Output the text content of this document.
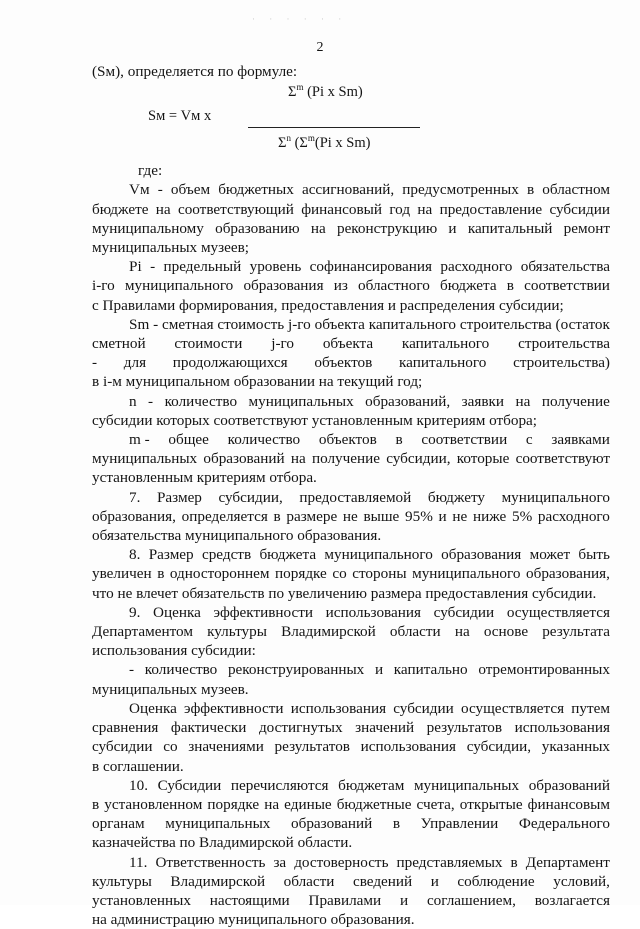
· · · · · ·
2
(Sм), определяется по формуле:
$\Sigma^m$ (Pi x Sm)
Sм = Vм x
$\Sigma^n$ ($\Sigma^m(Pi$ x Sm)
где:
Vм - объем бюджетных ассигнований, предусмотренных в областном
бюджете на соответствующий финансовый год на предоставление субсидии
муниципальному образованию на реконструкцию и капитальный ремонт
муниципальных музеев;
Pi - предельный уровень софинансирования расходного обязательства
i-го муниципального образования из областного бюджета в соответствии
с Правилами формирования, предоставления и распределения субсидии;
Sm - сметная стоимость j-го объекта капитального строительства (остаток
сметной стоимости j-го объекта капитального строительства
- для продолжающихся объектов капитального строительства)
в i-м муниципальном образовании на текущий год;
n - количество муниципальных образований, заявки на получение
субсидии которых соответствуют установленным критериям отбора;
m - общее количество объектов в соответствии с заявками
муниципальных образований на получение субсидии, которые соответствуют
установленным критериям отбора.
7. Размер субсидии, предоставляемой бюджету муниципального
образования, определяется в размере не выше 95% и не ниже 5% расходного
обязательства муниципального образования.
8. Размер средств бюджета муниципального образования может быть
увеличен в одностороннем порядке со стороны муниципального образования,
что не влечет обязательств по увеличению размера предоставления субсидии.
9. Оценка эффективности использования субсидии осуществляется
Департаментом культуры Владимирской области на основе результата
использования субсидии:
- количество реконструированных и капитально отремонтированных
муниципальных музеев.
Оценка эффективности использования субсидии осуществляется путем
сравнения фактически достигнутых значений результатов использования
субсидии со значениями результатов использования субсидии, указанных
в соглашении.
10. Субсидии перечисляются бюджетам муниципальных образований
в установленном порядке на единые бюджетные счета, открытые финансовым
органам муниципальных образований в Управлении Федерального
казначейства по Владимирской области.
11. Ответственность за достоверность представляемых в Департамент
культуры Владимирской области сведений и соблюдение условий,
установленных настоящими Правилами и соглашением, возлагается
на администрацию муниципального образования.
